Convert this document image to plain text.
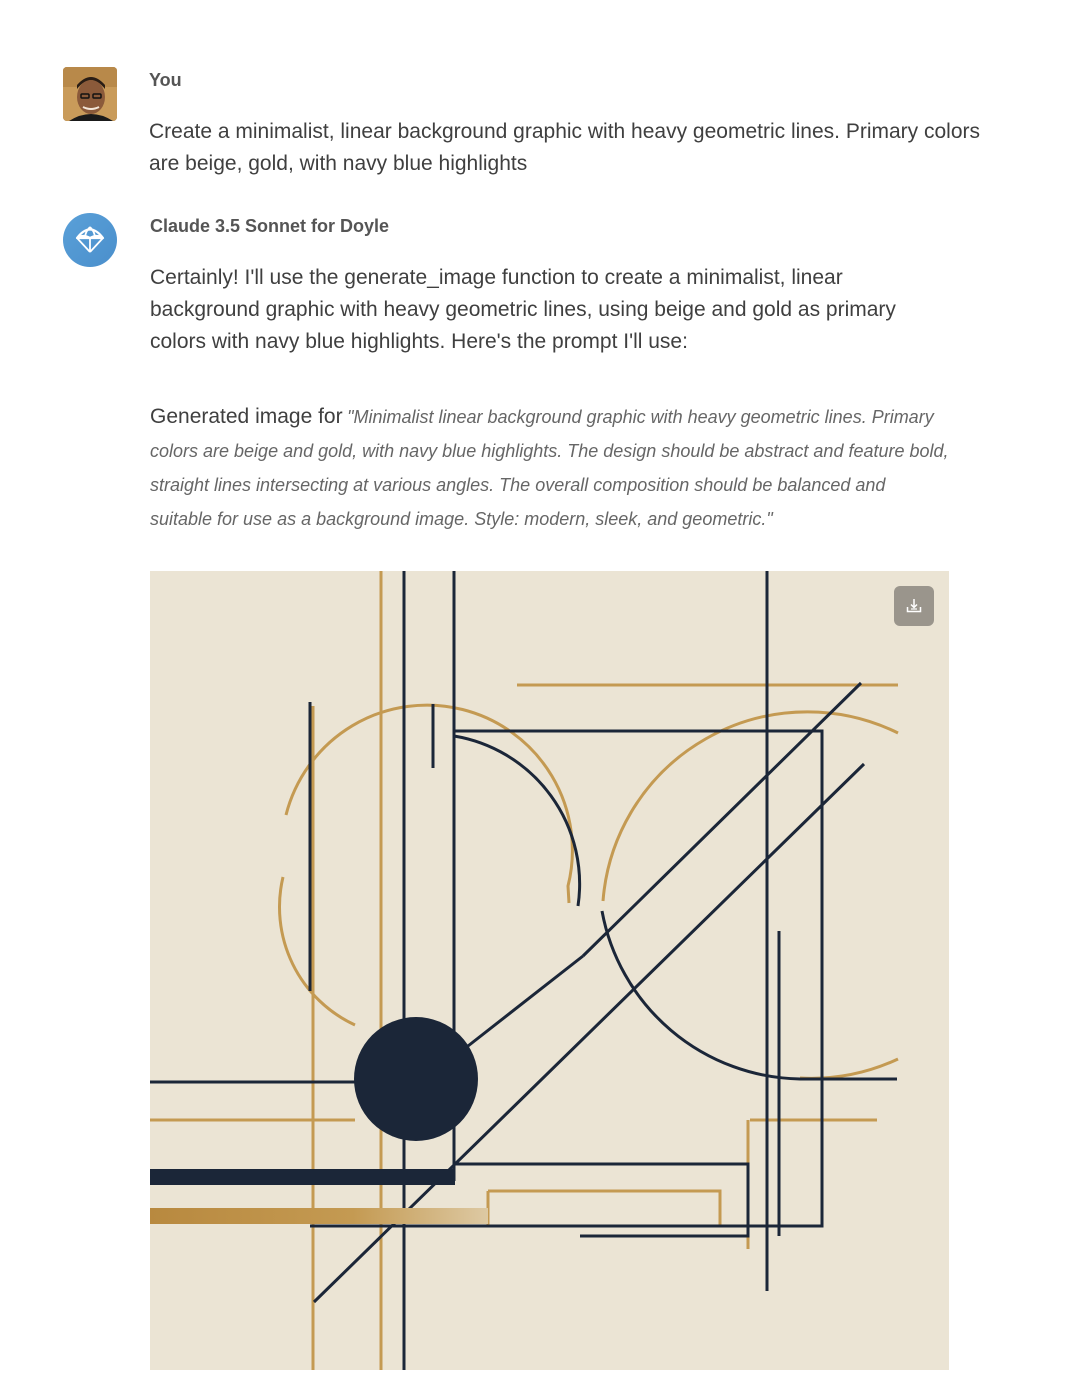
You
Create a minimalist, linear background graphic with heavy geometric lines. Primary colors are beige, gold, with navy blue highlights
Claude 3.5 Sonnet for Doyle
Certainly! I'll use the generate_image function to create a minimalist, linear background graphic with heavy geometric lines, using beige and gold as primary colors with navy blue highlights. Here's the prompt I'll use:
Generated image for "Minimalist linear background graphic with heavy geometric lines. Primary colors are beige and gold, with navy blue highlights. The design should be abstract and feature bold, straight lines intersecting at various angles. The overall composition should be balanced and suitable for use as a background image. Style: modern, sleek, and geometric."
